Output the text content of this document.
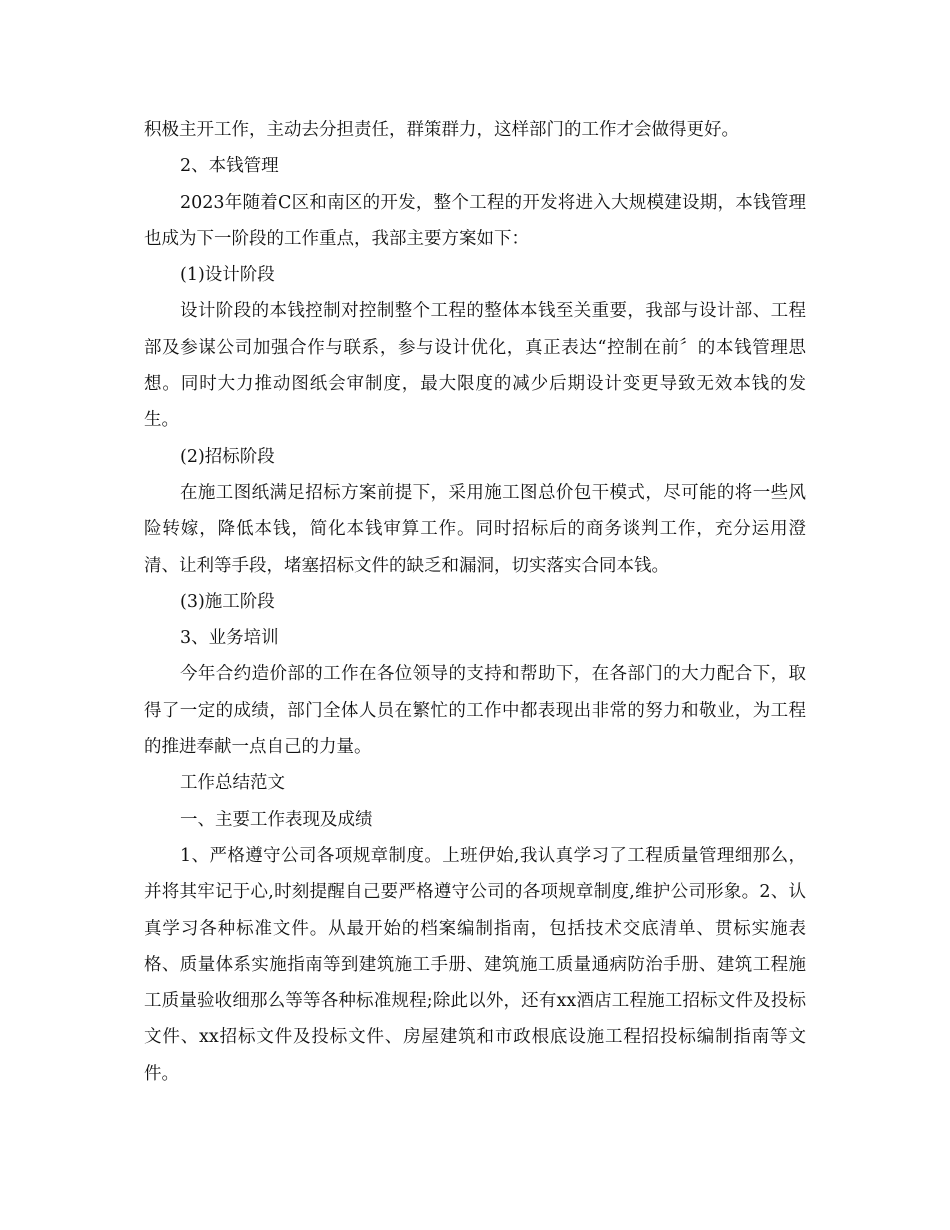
积极主开工作，主动去分担责任，群策群力，这样部门的工作才会做得更好。

2、本钱管理

2023年随着C区和南区的开发，整个工程的开发将进入大规模建设期，本钱管理也成为下一阶段的工作重点，我部主要方案如下：

(1)设计阶段

设计阶段的本钱控制对控制整个工程的整体本钱至关重要，我部与设计部、工程部及参谋公司加强合作与联系，参与设计优化，真正表达“控制在前〞的本钱管理思想。同时大力推动图纸会审制度，最大限度的减少后期设计变更导致无效本钱的发生。

(2)招标阶段

在施工图纸满足招标方案前提下，采用施工图总价包干模式，尽可能的将一些风险转嫁，降低本钱，简化本钱审算工作。同时招标后的商务谈判工作，充分运用澄清、让利等手段，堵塞招标文件的缺乏和漏洞，切实落实合同本钱。

(3)施工阶段

3、业务培训

今年合约造价部的工作在各位领导的支持和帮助下，在各部门的大力配合下，取得了一定的成绩，部门全体人员在繁忙的工作中都表现出非常的努力和敬业，为工程的推进奉献一点自己的力量。

工作总结范文

一、主要工作表现及成绩

1、严格遵守公司各项规章制度。上班伊始,我认真学习了工程质量管理细那么，并将其牢记于心,时刻提醒自己要严格遵守公司的各项规章制度,维护公司形象。2、认真学习各种标准文件。从最开始的档案编制指南，包括技术交底清单、贯标实施表格、质量体系实施指南等到建筑施工手册、建筑施工质量通病防治手册、建筑工程施工质量验收细那么等等各种标准规程;除此以外，还有xx酒店工程施工招标文件及投标文件、xx招标文件及投标文件、房屋建筑和市政根底设施工程招投标编制指南等文件。
